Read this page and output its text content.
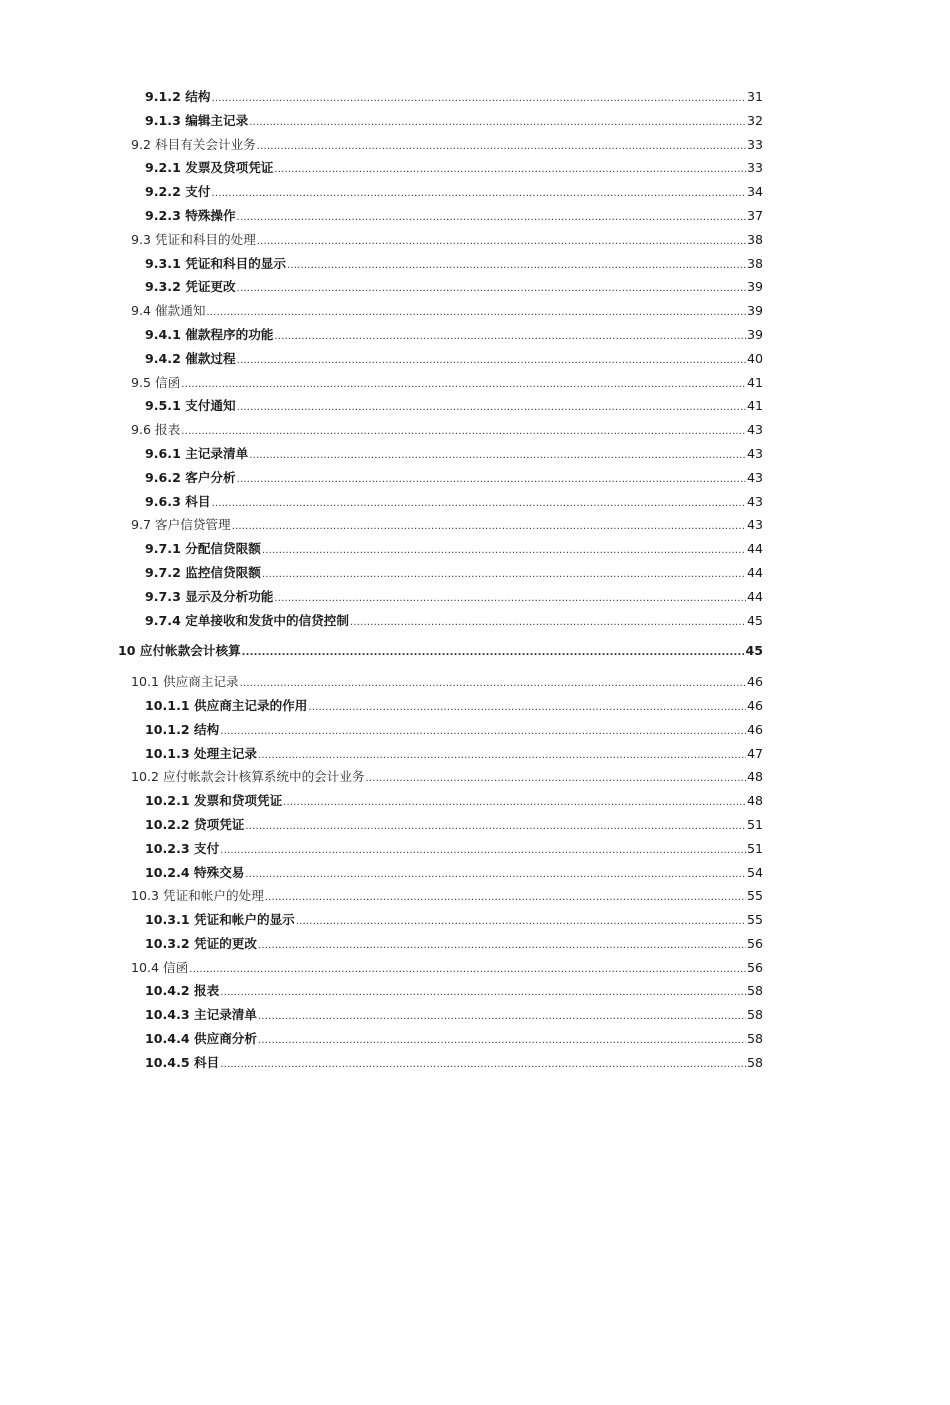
9.1.2 结构 .....	31
9.1.3 编辑主记录 .....	32
9.2 科目有关会计业务 .....	33
9.2.1 发票及贷项凭证 .....	33
9.2.2 支付 .....	34
9.2.3 特殊操作 .....	37
9.3 凭证和科目的处理 .....	38
9.3.1 凭证和科目的显示 .....	38
9.3.2 凭证更改 .....	39
9.4 催款通知 .....	39
9.4.1 催款程序的功能 .....	39
9.4.2 催款过程 .....	40
9.5 信函 .....	41
9.5.1 支付通知 .....	41
9.6 报表 .....	43
9.6.1 主记录清单 .....	43
9.6.2 客户分析 .....	43
9.6.3 科目 .....	43
9.7 客户信贷管理 .....	43
9.7.1 分配信贷限额 .....	44
9.7.2 监控信贷限额 .....	44
9.7.3 显示及分析功能 .....	44
9.7.4 定单接收和发货中的信贷控制 .....	45
10 应付帐款会计核算 .....	45
10.1 供应商主记录 .....	46
10.1.1 供应商主记录的作用 .....	46
10.1.2 结构 .....	46
10.1.3 处理主记录 .....	47
10.2 应付帐款会计核算系统中的会计业务 .....	48
10.2.1 发票和贷项凭证 .....	48
10.2.2 贷项凭证 .....	51
10.2.3 支付 .....	51
10.2.4 特殊交易 .....	54
10.3 凭证和帐户的处理 .....	55
10.3.1 凭证和帐户的显示 .....	55
10.3.2 凭证的更改 .....	56
10.4 信函 .....	56
10.4.2 报表 .....	58
10.4.3 主记录清单 .....	58
10.4.4 供应商分析 .....	58
10.4.5 科目 .....	58
